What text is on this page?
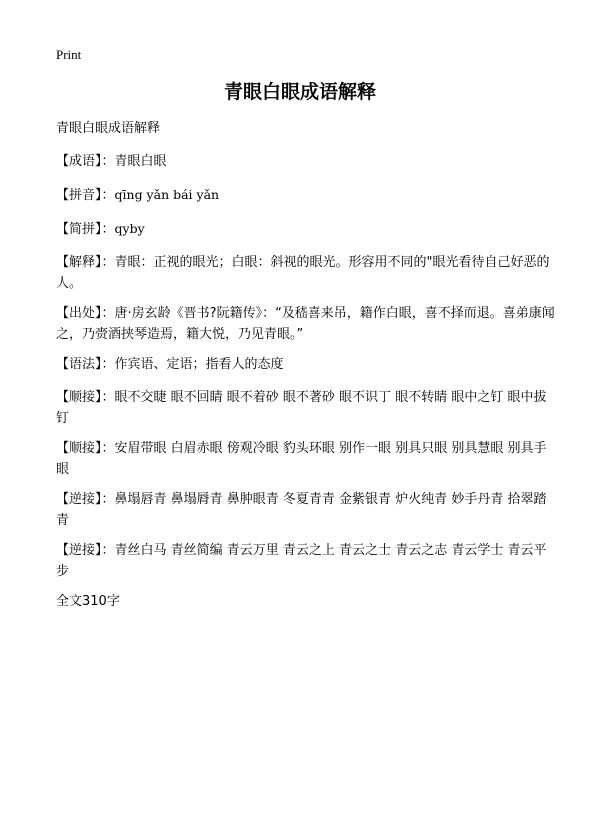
Print
青眼白眼成语解释

青眼白眼成语解释

【成语】：青眼白眼

【拼音】：qīng yǎn bái yǎn

【简拼】：qyby

【解释】：青眼：正视的眼光；白眼：斜视的眼光。形容用不同的"眼光看待自己好恶的人。

【出处】：唐·房玄龄《晋书?阮籍传》：“及嵇喜来吊，籍作白眼，喜不择而退。喜弟康闻之，乃赍酒挟琴造焉，籍大悦，乃见青眼。”

【语法】：作宾语、定语；指看人的态度

【顺接】：眼不交睫 眼不回睛 眼不着砂 眼不著砂 眼不识丁 眼不转睛 眼中之钉 眼中拔钉

【顺接】：安眉带眼 白眉赤眼 傍观冷眼 豹头环眼 别作一眼 别具只眼 别具慧眼 别具手眼

【逆接】：鼻塌唇青 鼻塌脣青 鼻肿眼青 冬夏青青 金紫银青 炉火纯青 妙手丹青 拾翠踏青

【逆接】：青丝白马 青丝简编 青云万里 青云之上 青云之士 青云之志 青云学士 青云平步

全文310字
